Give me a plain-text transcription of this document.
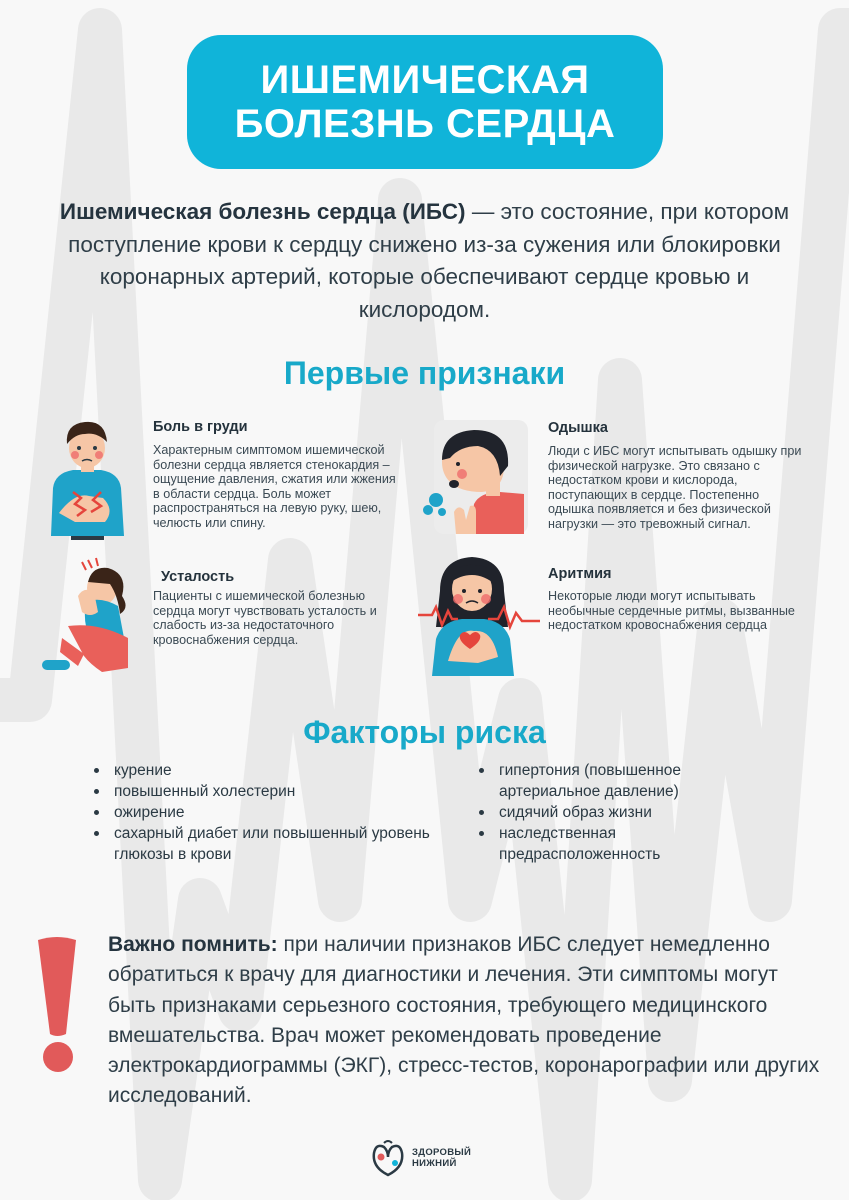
ИШЕМИЧЕСКАЯ
БОЛЕЗНЬ СЕРДЦА
Ишемическая болезнь сердца (ИБС) — это состояние, при котором поступление крови к сердцу снижено из-за сужения или блокировки коронарных артерий, которые обеспечивают сердце кровью и кислородом.
Первые признаки
Боль в груди
Характерным симптомом ишемической болезни сердца является стенокардия – ощущение давления, сжатия или жжения в области сердца. Боль может распространяться на левую руку, шею, челюсть или спину.
Одышка
Люди с ИБС могут испытывать одышку при физической нагрузке. Это связано с недостатком крови и кислорода, поступающих в сердце. Постепенно одышка появляется и без физической нагрузки — это тревожный сигнал.
Усталость
Пациенты с ишемической болезнью сердца могут чувствовать усталость и слабость из-за недостаточного кровоснабжения сердца.
Аритмия
Некоторые люди могут испытывать необычные сердечные ритмы, вызванные недостатком кровоснабжения сердца
Факторы риска
курение
повышенный холестерин
ожирение
сахарный диабет или повышенный уровень глюкозы в крови
гипертония (повышенное артериальное давление)
сидячий образ жизни
наследственная предрасположенность
Важно помнить: при наличии признаков ИБС следует немедленно обратиться к врачу для диагностики и лечения. Эти симптомы могут быть признаками серьезного состояния, требующего медицинского вмешательства. Врач может рекомендовать проведение электрокардиограммы (ЭКГ), стресс-тестов, коронарографии или других исследований.
ЗДОРОВЫЙ
НИЖНИЙ
